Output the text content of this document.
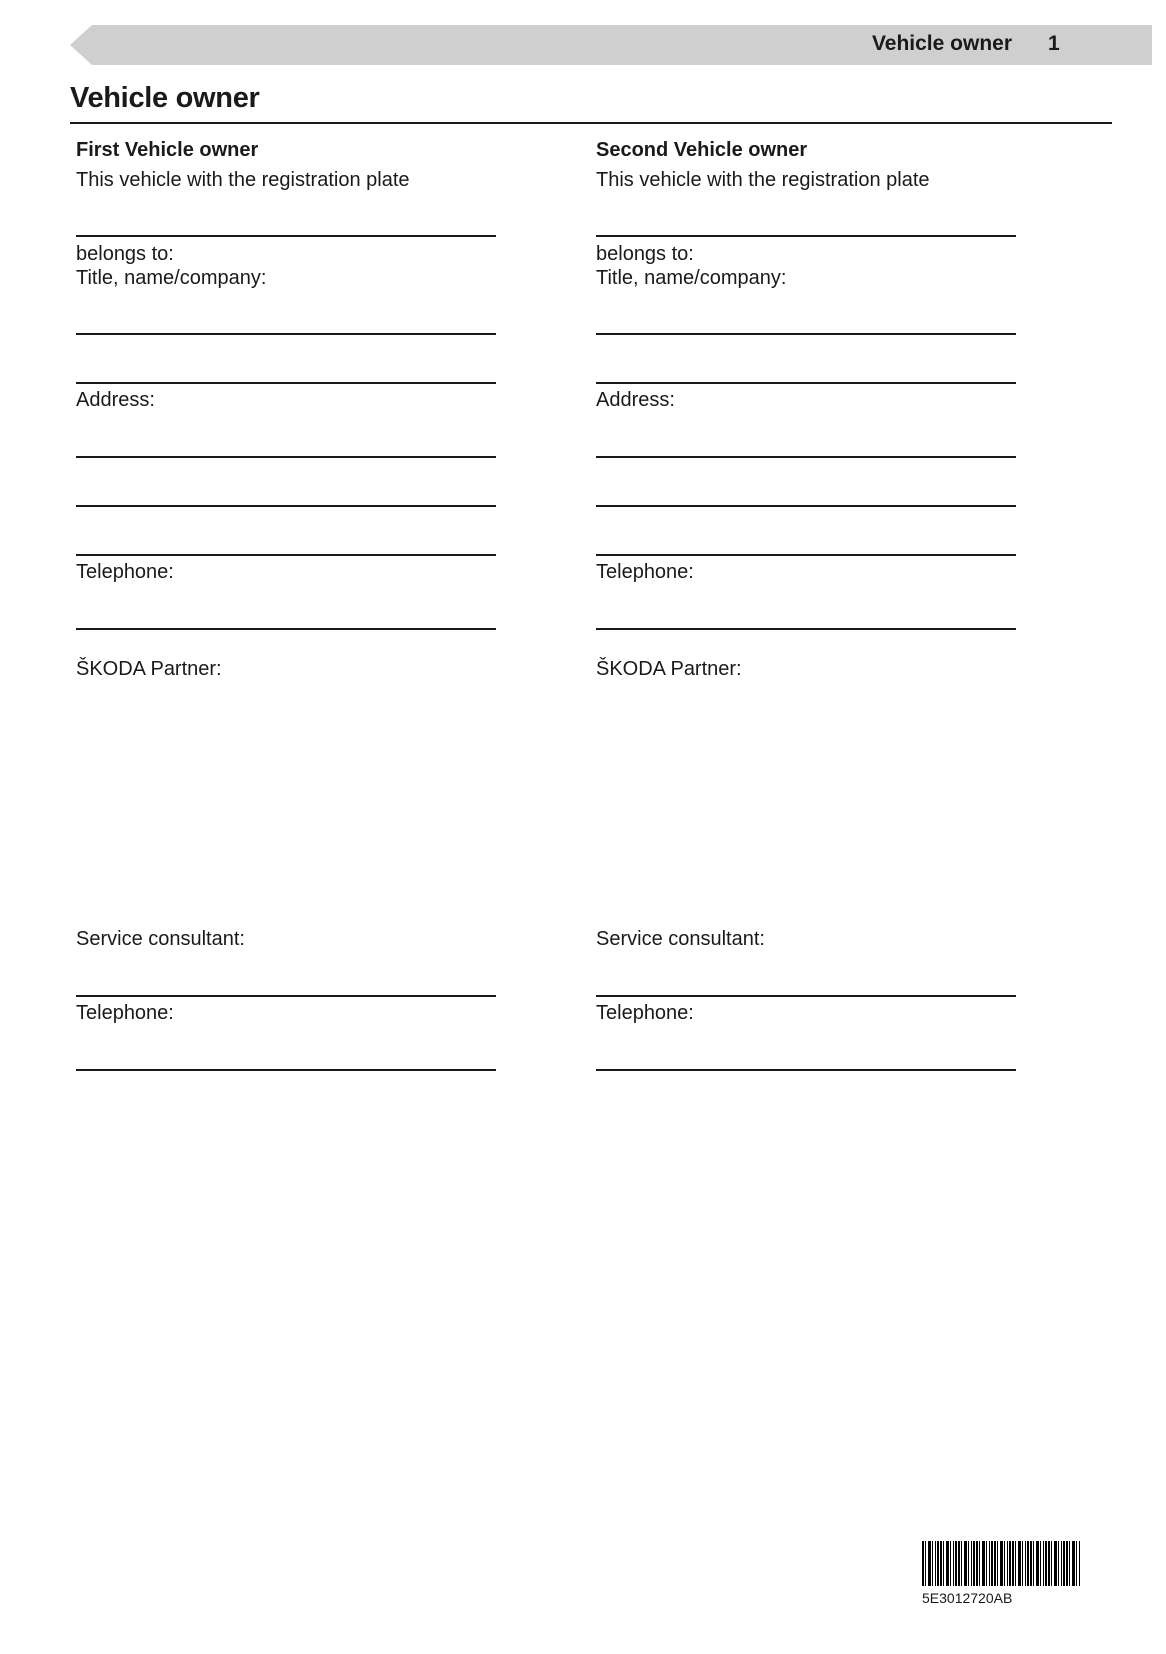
Vehicle owner 1
Vehicle owner
First Vehicle owner
This vehicle with the registration plate
belongs to:
Title, name/company:
Address:
Telephone:
ŠKODA Partner:
Service consultant:
Telephone:
Second Vehicle owner
This vehicle with the registration plate
belongs to:
Title, name/company:
Address:
Telephone:
ŠKODA Partner:
Service consultant:
Telephone:
5E3012720AB
